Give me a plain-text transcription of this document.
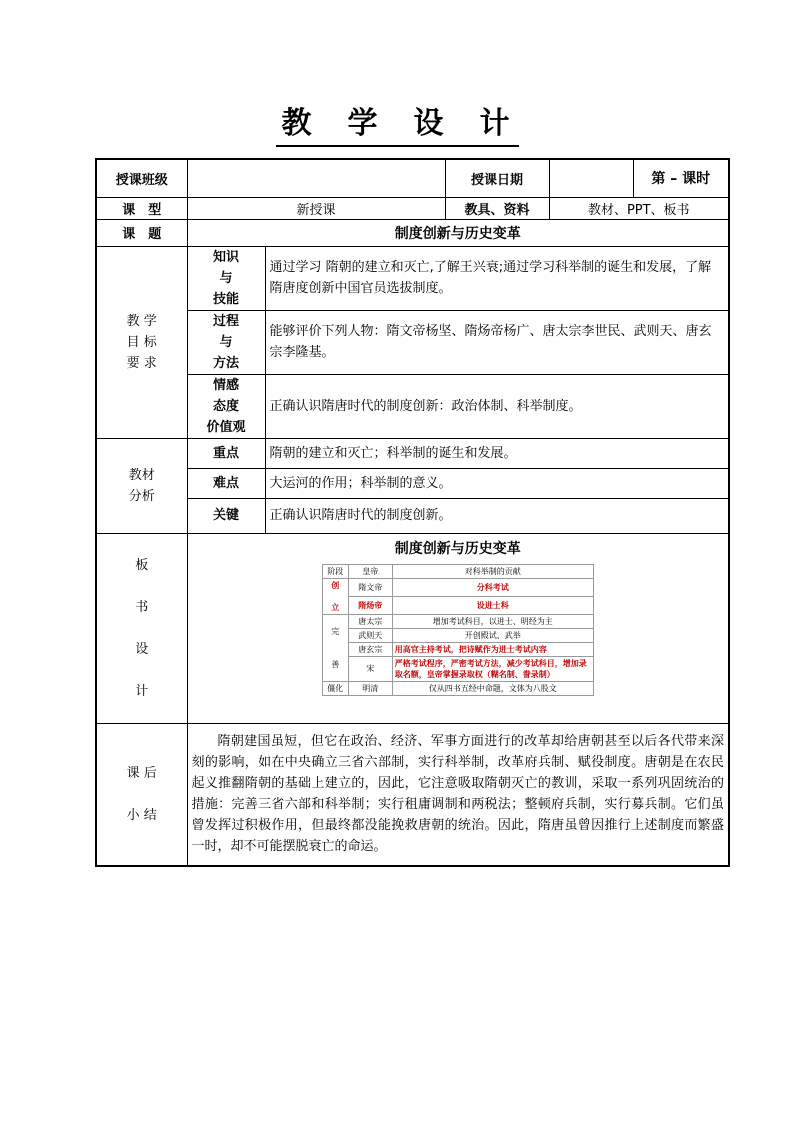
教　学　设　计
授课班级		授课日期		第 – 课时
课　型	新授课	教具、资料	教材、PPT、板书
课　题	制度创新与历史变革
教 学
目 标
要 求	知识
与
技能	通过学习 隋朝的建立和灭亡,了解王兴衰;通过学习科举制的诞生和发展，了解隋唐度创新中国官员选拔制度。
过程
与
方法	能够评价下列人物：隋文帝杨坚、隋炀帝杨广、唐太宗李世民、武则天、唐玄宗李隆基。
情感
态度
价值观	正确认识隋唐时代的制度创新：政治体制、科举制度。
教材
分析	重点	隋朝的建立和灭亡；科举制的诞生和发展。
难点	大运河的作用；科举制的意义。
关键	正确认识隋唐时代的制度创新。
板

书

设

计	
制度创新与历史变革
阶段	皇帝	对科举制的贡献
创

立	隋文帝	分科考试
隋炀帝	设进士科
完

善	唐太宗	增加考试科目，以进士、明经为主
武则天	开创殿试、武举
唐玄宗	用高官主持考试，把诗赋作为进士考试内容
宋	严格考试程序，严密考试方法，减少考试科目，增加录取名额，皇帝掌握录取权（糊名制、誊录制）
僵化	明清	仅从四书五经中命题，文体为八股文

课 后

小 结	隋朝建国虽短，但它在政治、经济、军事方面进行的改革却给唐朝甚至以后各代带来深刻的影响，如在中央确立三省六部制，实行科举制，改革府兵制、赋役制度。唐朝是在农民起义推翻隋朝的基础上建立的，因此，它注意吸取隋朝灭亡的教训，采取一系列巩固统治的措施：完善三省六部和科举制；实行租庸调制和两税法；整顿府兵制，实行募兵制。它们虽曾发挥过积极作用，但最终都没能挽救唐朝的统治。因此，隋唐虽曾因推行上述制度而繁盛一时，却不可能摆脱衰亡的命运。
